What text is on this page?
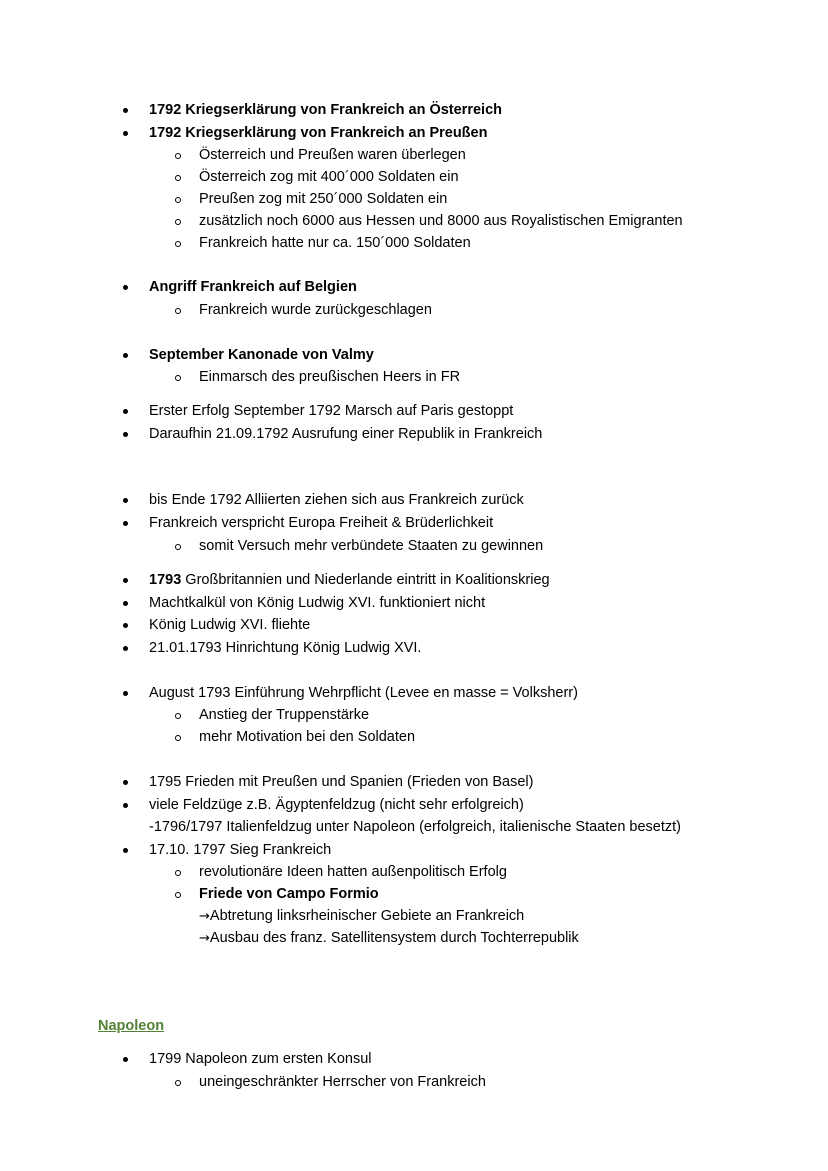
1792 Kriegserklärung von Frankreich an Österreich
1792 Kriegserklärung von Frankreich an Preußen
Österreich und Preußen waren überlegen
Österreich zog mit 400´000 Soldaten ein
Preußen zog mit 250´000 Soldaten ein
zusätzlich noch 6000 aus Hessen und 8000 aus Royalistischen Emigranten
Frankreich hatte nur ca. 150´000 Soldaten
Angriff Frankreich auf Belgien
Frankreich wurde zurückgeschlagen
September Kanonade von Valmy
Einmarsch des preußischen Heers in FR
Erster Erfolg September 1792 Marsch auf Paris gestoppt
Daraufhin 21.09.1792 Ausrufung einer Republik in Frankreich
bis Ende 1792 Alliierten ziehen sich aus Frankreich zurück
Frankreich verspricht Europa Freiheit & Brüderlichkeit
somit Versuch mehr verbündete Staaten zu gewinnen
1793 Großbritannien und Niederlande eintritt in Koalitionskrieg
Machtkalkül von König Ludwig XVI. funktioniert nicht
König Ludwig XVI. fliehte
21.01.1793 Hinrichtung König Ludwig XVI.
August 1793 Einführung Wehrpflicht (Levee en masse = Volksherr)
Anstieg der Truppenstärke
mehr Motivation bei den Soldaten
1795 Frieden mit Preußen und Spanien (Frieden von Basel)
viele Feldzüge z.B. Ägyptenfeldzug (nicht sehr erfolgreich)
-1796/1797 Italienfeldzug unter Napoleon (erfolgreich, italienische Staaten besetzt)
17.10. 1797 Sieg Frankreich
revolutionäre Ideen hatten außenpolitisch Erfolg
Friede von Campo Formio
→Abtretung linksrheinischer Gebiete an Frankreich
→Ausbau des franz. Satellitensystem durch Tochterrepublik
Napoleon
1799 Napoleon zum ersten Konsul
uneingeschränkter Herrscher von Frankreich
